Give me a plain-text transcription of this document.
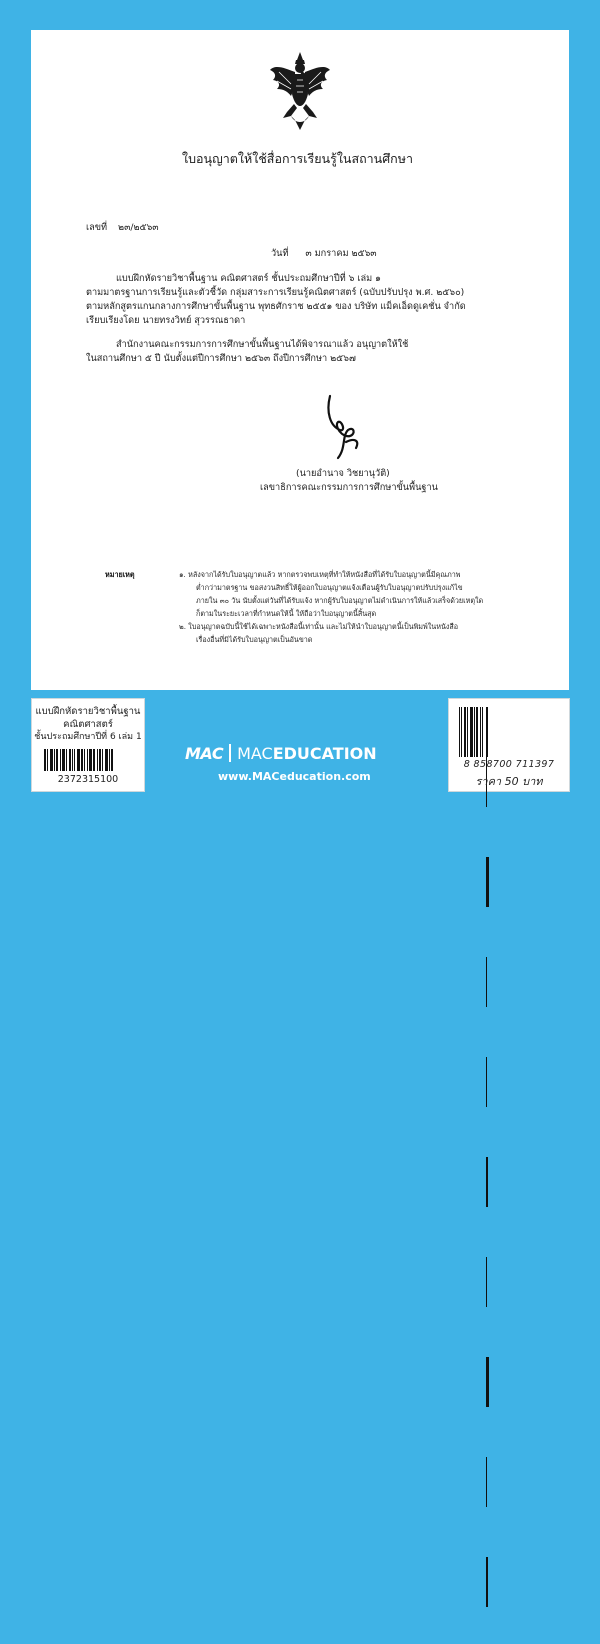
ใบอนุญาตให้ใช้สื่อการเรียนรู้ในสถานศึกษา
เลขที่ ๒๓/๒๕๖๓
วันที่ ๓ มกราคม ๒๕๖๓
แบบฝึกหัดรายวิชาพื้นฐาน คณิตศาสตร์ ชั้นประถมศึกษาปีที่ ๖ เล่ม ๑
ตามมาตรฐานการเรียนรู้และตัวชี้วัด กลุ่มสาระการเรียนรู้คณิตศาสตร์ (ฉบับปรับปรุง พ.ศ. ๒๕๖๐)
ตามหลักสูตรแกนกลางการศึกษาขั้นพื้นฐาน พุทธศักราช ๒๕๕๑ ของ บริษัท แม็คเอ็ดดูเคชั่น จำกัด
เรียบเรียงโดย นายทรงวิทย์ สุวรรณธาดา
สำนักงานคณะกรรมการการศึกษาขั้นพื้นฐานได้พิจารณาแล้ว อนุญาตให้ใช้
ในสถานศึกษา ๕ ปี นับตั้งแต่ปีการศึกษา ๒๕๖๓ ถึงปีการศึกษา ๒๕๖๗
(นายอำนาจ วิชยานุวัติ)
เลขาธิการคณะกรรมการการศึกษาขั้นพื้นฐาน
หมายเหตุ	๑. หลังจากได้รับใบอนุญาตแล้ว หากตรวจพบเหตุที่ทำให้หนังสือที่ได้รับใบอนุญาตนี้มีคุณภาพ
ต่ำกว่ามาตรฐาน ขอสงวนสิทธิ์ให้ผู้ออกใบอนุญาตแจ้งเตือนผู้รับใบอนุญาตปรับปรุงแก้ไข
ภายใน ๓๐ วัน นับตั้งแต่วันที่ได้รับแจ้ง หากผู้รับใบอนุญาตไม่ดำเนินการให้แล้วเสร็จด้วยเหตุใด
ก็ตามในระยะเวลาที่กำหนดให้นี้ ให้ถือว่าใบอนุญาตนี้สิ้นสุด
๒. ใบอนุญาตฉบับนี้ใช้ได้เฉพาะหนังสือนี้เท่านั้น และไม่ให้นำใบอนุญาตนี้เป็นพิมพ์ในหนังสือ
เรื่องอื่นที่มิได้รับใบอนุญาตเป็นอันขาด
แบบฝึกหัดรายวิชาพื้นฐาน
คณิตศาสตร์
ชั้นประถมศึกษาปีที่ 6 เล่ม 1
2372315100
MAC MAC EDUCATION
www.MACeducation.com
8 858700 711397
ราคา 50 บาท
